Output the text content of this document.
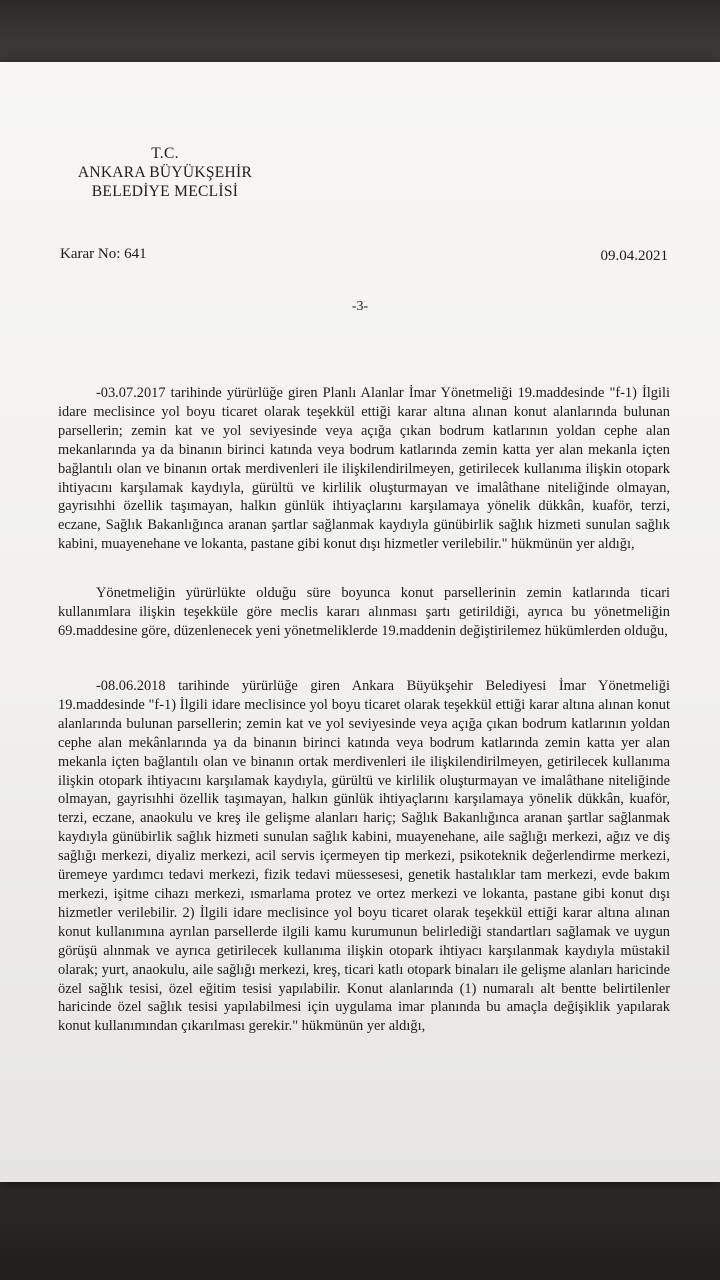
T.C.
ANKARA BÜYÜKŞEHİR
BELEDİYE MECLİSİ
Karar No: 641	09.04.2021
-3-

-03.07.2017 tarihinde yürürlüğe giren Planlı Alanlar İmar Yönetmeliği 19.maddesinde "f-1) İlgili idare meclisince yol boyu ticaret olarak teşekkül ettiği karar altına alınan konut alanlarında bulunan parsellerin; zemin kat ve yol seviyesinde veya açığa çıkan bodrum katlarının yoldan cephe alan mekanlarında ya da binanın birinci katında veya bodrum katlarında zemin katta yer alan mekanla içten bağlantılı olan ve binanın ortak merdivenleri ile ilişkilendirilmeyen, getirilecek kullanıma ilişkin otopark ihtiyacını karşılamak kaydıyla, gürültü ve kirlilik oluşturmayan ve imalâthane niteliğinde olmayan, gayrisıhhi özellik taşımayan, halkın günlük ihtiyaçlarını karşılamaya yönelik dükkân, kuaför, terzi, eczane, Sağlık Bakanlığınca aranan şartlar sağlanmak kaydıyla günübirlik sağlık hizmeti sunulan sağlık kabini, muayenehane ve lokanta, pastane gibi konut dışı hizmetler verilebilir." hükmünün yer aldığı,

Yönetmeliğin yürürlükte olduğu süre boyunca konut parsellerinin zemin katlarında ticari kullanımlara ilişkin teşekküle göre meclis kararı alınması şartı getirildiği, ayrıca bu yönetmeliğin 69.maddesine göre, düzenlenecek yeni yönetmeliklerde 19.maddenin değiştirilemez hükümlerden olduğu,

-08.06.2018 tarihinde yürürlüğe giren Ankara Büyükşehir Belediyesi İmar Yönetmeliği 19.maddesinde "f-1) İlgili idare meclisince yol boyu ticaret olarak teşekkül ettiği karar altına alınan konut alanlarında bulunan parsellerin; zemin kat ve yol seviyesinde veya açığa çıkan bodrum katlarının yoldan cephe alan mekânlarında ya da binanın birinci katında veya bodrum katlarında zemin katta yer alan mekanla içten bağlantılı olan ve binanın ortak merdivenleri ile ilişkilendirilmeyen, getirilecek kullanıma ilişkin otopark ihtiyacını karşılamak kaydıyla, gürültü ve kirlilik oluşturmayan ve imalâthane niteliğinde olmayan, gayrisıhhi özellik taşımayan, halkın günlük ihtiyaçlarını karşılamaya yönelik dükkân, kuaför, terzi, eczane, anaokulu ve kreş ile gelişme alanları hariç; Sağlık Bakanlığınca aranan şartlar sağlanmak kaydıyla günübirlik sağlık hizmeti sunulan sağlık kabini, muayenehane, aile sağlığı merkezi, ağız ve diş sağlığı merkezi, diyaliz merkezi, acil servis içermeyen tip merkezi, psikoteknik değerlendirme merkezi, üremeye yardımcı tedavi merkezi, fizik tedavi müessesesi, genetik hastalıklar tam merkezi, evde bakım merkezi, işitme cihazı merkezi, ısmarlama protez ve ortez merkezi ve lokanta, pastane gibi konut dışı hizmetler verilebilir. 2) İlgili idare meclisince yol boyu ticaret olarak teşekkül ettiği karar altına alınan konut kullanımına ayrılan parsellerde ilgili kamu kurumunun belirlediği standartları sağlamak ve uygun görüşü alınmak ve ayrıca getirilecek kullanıma ilişkin otopark ihtiyacı karşılanmak kaydıyla müstakil olarak; yurt, anaokulu, aile sağlığı merkezi, kreş, ticari katlı otopark binaları ile gelişme alanları haricinde özel sağlık tesisi, özel eğitim tesisi yapılabilir. Konut alanlarında (1) numaralı alt bentte belirtilenler haricinde özel sağlık tesisi yapılabilmesi için uygulama imar planında bu amaçla değişiklik yapılarak konut kullanımından çıkarılması gerekir." hükmünün yer aldığı,
